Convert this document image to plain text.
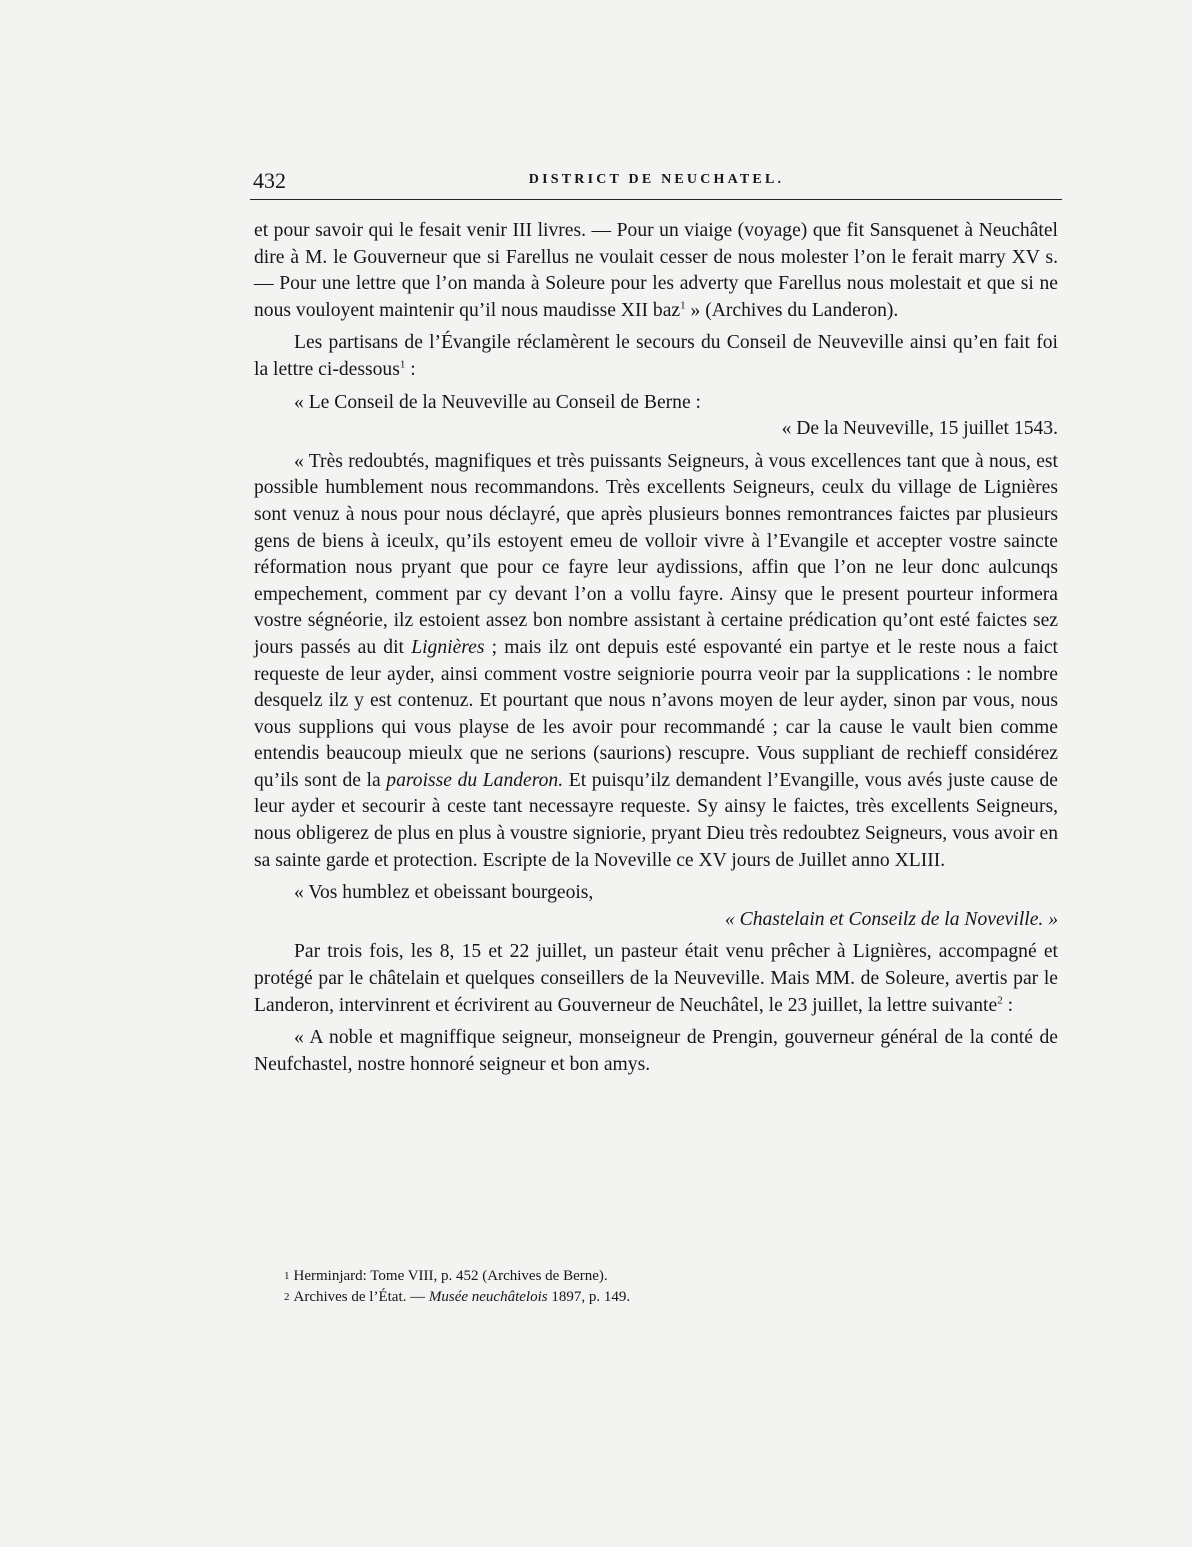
432	DISTRICT DE NEUCHATEL.

et pour savoir qui le fesait venir III livres. — Pour un viaige (voyage) que fit Sansquenet à Neuchâtel dire à M. le Gouverneur que si Farellus ne voulait cesser de nous molester l’on le ferait marry XV s. — Pour une lettre que l’on manda à Soleure pour les adverty que Farellus nous molestait et que si ne nous vouloyent maintenir qu’il nous maudisse XII baz$^1$ » (Archives du Landeron).

Les partisans de l’Évangile réclamèrent le secours du Conseil de Neuveville ainsi qu’en fait foi la lettre ci-dessous$^1$ :

« Le Conseil de la Neuveville au Conseil de Berne :

« De la Neuveville, 15 juillet 1543.

« Très redoubtés, magnifiques et très puissants Seigneurs, à vous excellences tant que à nous, est possible humblement nous recommandons. Très excellents Seigneurs, ceulx du village de Lignières sont venuz à nous pour nous déclayré, que après plusieurs bonnes remontrances faictes par plusieurs gens de biens à iceulx, qu’ils estoyent emeu de volloir vivre à l’Evangile et accepter vostre saincte réformation nous pryant que pour ce fayre leur aydissions, affin que l’on ne leur donc aulcunqs empechement, comment par cy devant l’on a vollu fayre. Ainsy que le present pourteur informera vostre ségnéorie, ilz estoient assez bon nombre assistant à certaine prédication qu’ont esté faictes sez jours passés au dit Lignières ; mais ilz ont depuis esté espovanté ein partye et le reste nous a faict requeste de leur ayder, ainsi comment vostre seigniorie pourra veoir par la supplications : le nombre desquelz ilz y est contenuz. Et pourtant que nous n’avons moyen de leur ayder, sinon par vous, nous vous supplions qui vous playse de les avoir pour recommandé ; car la cause le vault bien comme entendis beaucoup mieulx que ne serions (saurions) rescupre. Vous suppliant de rechieff considérez qu’ils sont de la paroisse du Landeron. Et puisqu’ilz demandent l’Evangille, vous avés juste cause de leur ayder et secourir à ceste tant necessayre requeste. Sy ainsy le faictes, très excellents Seigneurs, nous obligerez de plus en plus à voustre signiorie, pryant Dieu très redoubtez Seigneurs, vous avoir en sa sainte garde et protection. Escripte de la Noveville ce XV jours de Juillet anno XLIII.

« Vos humblez et obeissant bourgeois,

« Chastelain et Conseilz de la Noveville. »

Par trois fois, les 8, 15 et 22 juillet, un pasteur était venu prêcher à Lignières, accompagné et protégé par le châtelain et quelques conseillers de la Neuveville. Mais MM. de Soleure, avertis par le Landeron, intervinrent et écrivirent au Gouverneur de Neuchâtel, le 23 juillet, la lettre suivante$^2$ :

« A noble et magniffique seigneur, monseigneur de Prengin, gouverneur général de la conté de Neufchastel, nostre honnoré seigneur et bon amys.

1 Herminjard: Tome VIII, p. 452 (Archives de Berne).

2 Archives de l’État. — Musée neuchâtelois 1897, p. 149.
